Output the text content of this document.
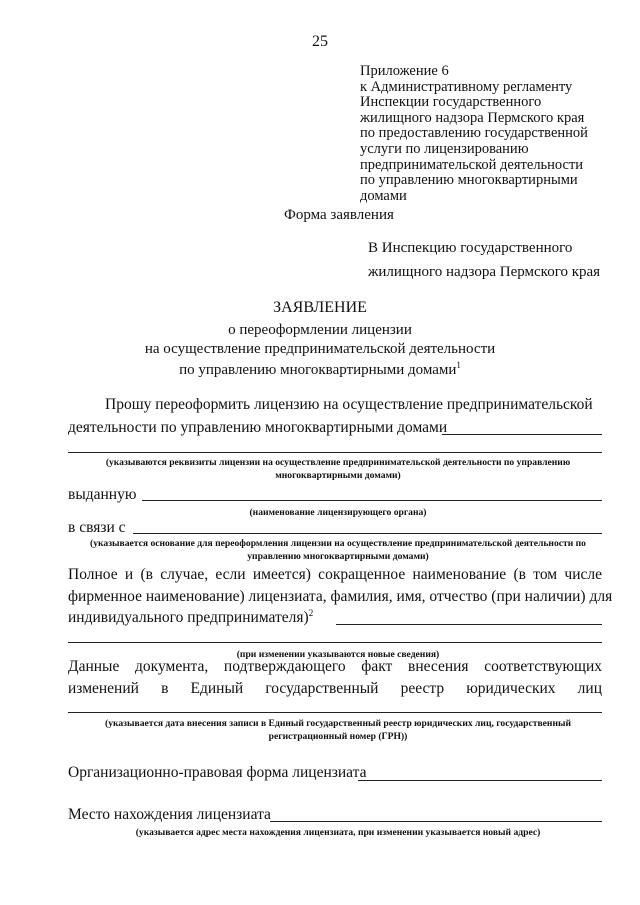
25
Приложение 6
к Административному регламенту
Инспекции государственного
жилищного надзора Пермского края
по предоставлению государственной
услуги по лицензированию
предпринимательской деятельности
по управлению многоквартирными
домами
Форма заявления
В Инспекцию государственного
жилищного надзора Пермского края
ЗАЯВЛЕНИЕ
о переоформлении лицензии
на осуществление предпринимательской деятельности
по управлению многоквартирными домами$^1$
Прошу переоформить лицензию на осуществление предпринимательской
деятельности по управлению многоквартирными домами
(указываются реквизиты лицензии на осуществление предпринимательской деятельности по управлению многоквартирными домами)
выданную
(наименование лицензирующего органа)
в связи с
(указывается основание для переоформления лицензии на осуществление предпринимательской деятельности по управлению многоквартирными домами)
Полное и (в случае, если имеется) сокращенное наименование (в том числе
фирменное наименование) лицензиата, фамилия, имя, отчество (при наличии) для
индивидуального предпринимателя)$^2$
(при изменении указываются новые сведения)
Данные документа, подтверждающего факт внесения соответствующих
изменений в Единый государственный реестр юридических лиц
(указывается дата внесения записи в Единый государственный реестр юридических лиц, государственный регистрационный номер (ГРН))
Организационно-правовая форма лицензиата
Место нахождения лицензиата
(указывается адрес места нахождения лицензиата, при изменении указывается новый адрес)
